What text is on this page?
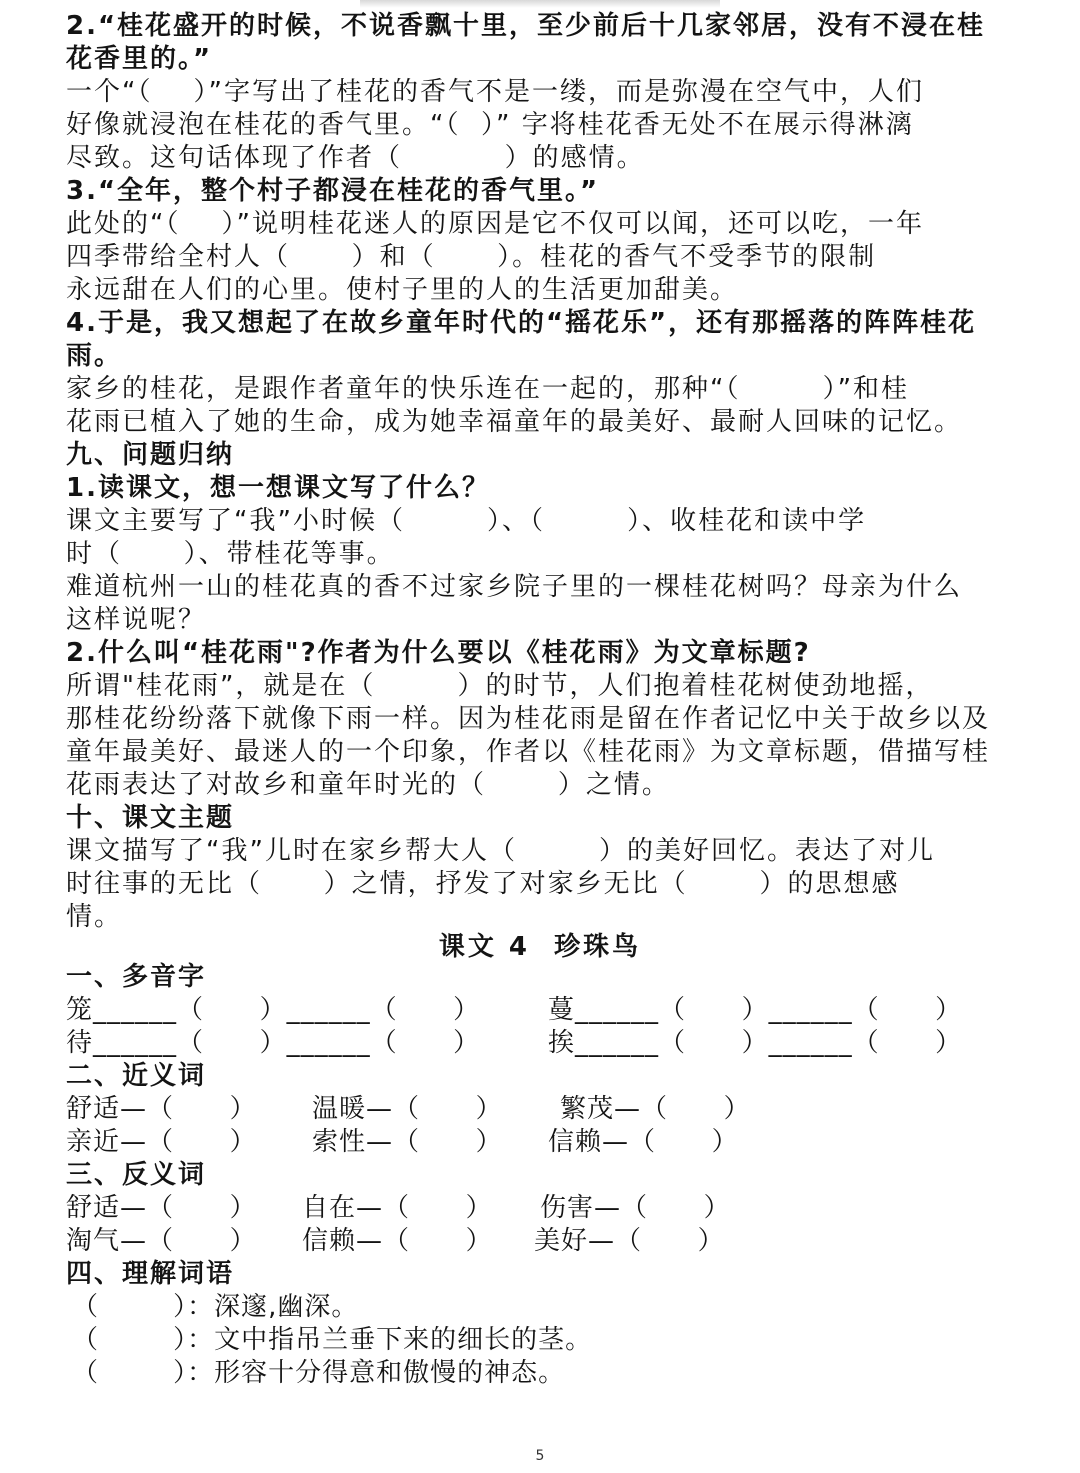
2.“桂花盛开的时候，不说香飘十里，至少前后十几家邻居，没有不浸在桂
花香里的。”
一个“（    ）”字写出了桂花的香气不是一缕，而是弥漫在空气中，人们
好像就浸泡在桂花的香气里。“（  ）” 字将桂花香无处不在展示得淋漓
尽致。这句话体现了作者（          ）的感情。
3.“全年，整个村子都浸在桂花的香气里。”
此处的“（    ）”说明桂花迷人的原因是它不仅可以闻，还可以吃，一年
四季带给全村人（      ）和（      ）。桂花的香气不受季节的限制
永远甜在人们的心里。使村子里的人的生活更加甜美。
4.于是，我又想起了在故乡童年时代的“摇花乐”，还有那摇落的阵阵桂花
雨。
家乡的桂花，是跟作者童年的快乐连在一起的，那种“（        ）”和桂
花雨已植入了她的生命，成为她幸福童年的最美好、最耐人回味的记忆。
九、问题归纳
1.读课文，想一想课文写了什么？
课文主要写了“我”小时候（        ）、（        ）、收桂花和读中学
时（      ）、带桂花等事。
难道杭州一山的桂花真的香不过家乡院子里的一棵桂花树吗？母亲为什么
这样说呢？
2.什么叫“桂花雨"?作者为什么要以《桂花雨》为文章标题?
所谓"桂花雨”，就是在（        ）的时节，人们抱着桂花树使劲地摇，
那桂花纷纷落下就像下雨一样。因为桂花雨是留在作者记忆中关于故乡以及
童年最美好、最迷人的一个印象，作者以《桂花雨》为文章标题，借描写桂
花雨表达了对故乡和童年时光的（       ）之情。
十、课文主题
课文描写了“我”儿时在家乡帮大人（        ）的美好回忆。表达了对儿
时往事的无比（      ）之情，抒发了对家乡无比（       ）的思想感
情。
课文 4  珍珠鸟
一、多音字
笼______（      ）______（      ）	蔓______（      ）______（      ）
待______（      ）______（      ）	挨______（      ）______（      ）
二、近义词
舒适—（      ） 温暖—（      ） 繁茂—（      ）
亲近—（      ） 索性—（      ） 信赖—（      ）
三、反义词
舒适—（      ） 自在—（      ） 伤害—（      ）
淘气—（      ） 信赖—（      ） 美好—（      ）
四、理解词语
（        ）：深邃,幽深。
（        ）：文中指吊兰垂下来的细长的茎。
（        ）：形容十分得意和傲慢的神态。
5
